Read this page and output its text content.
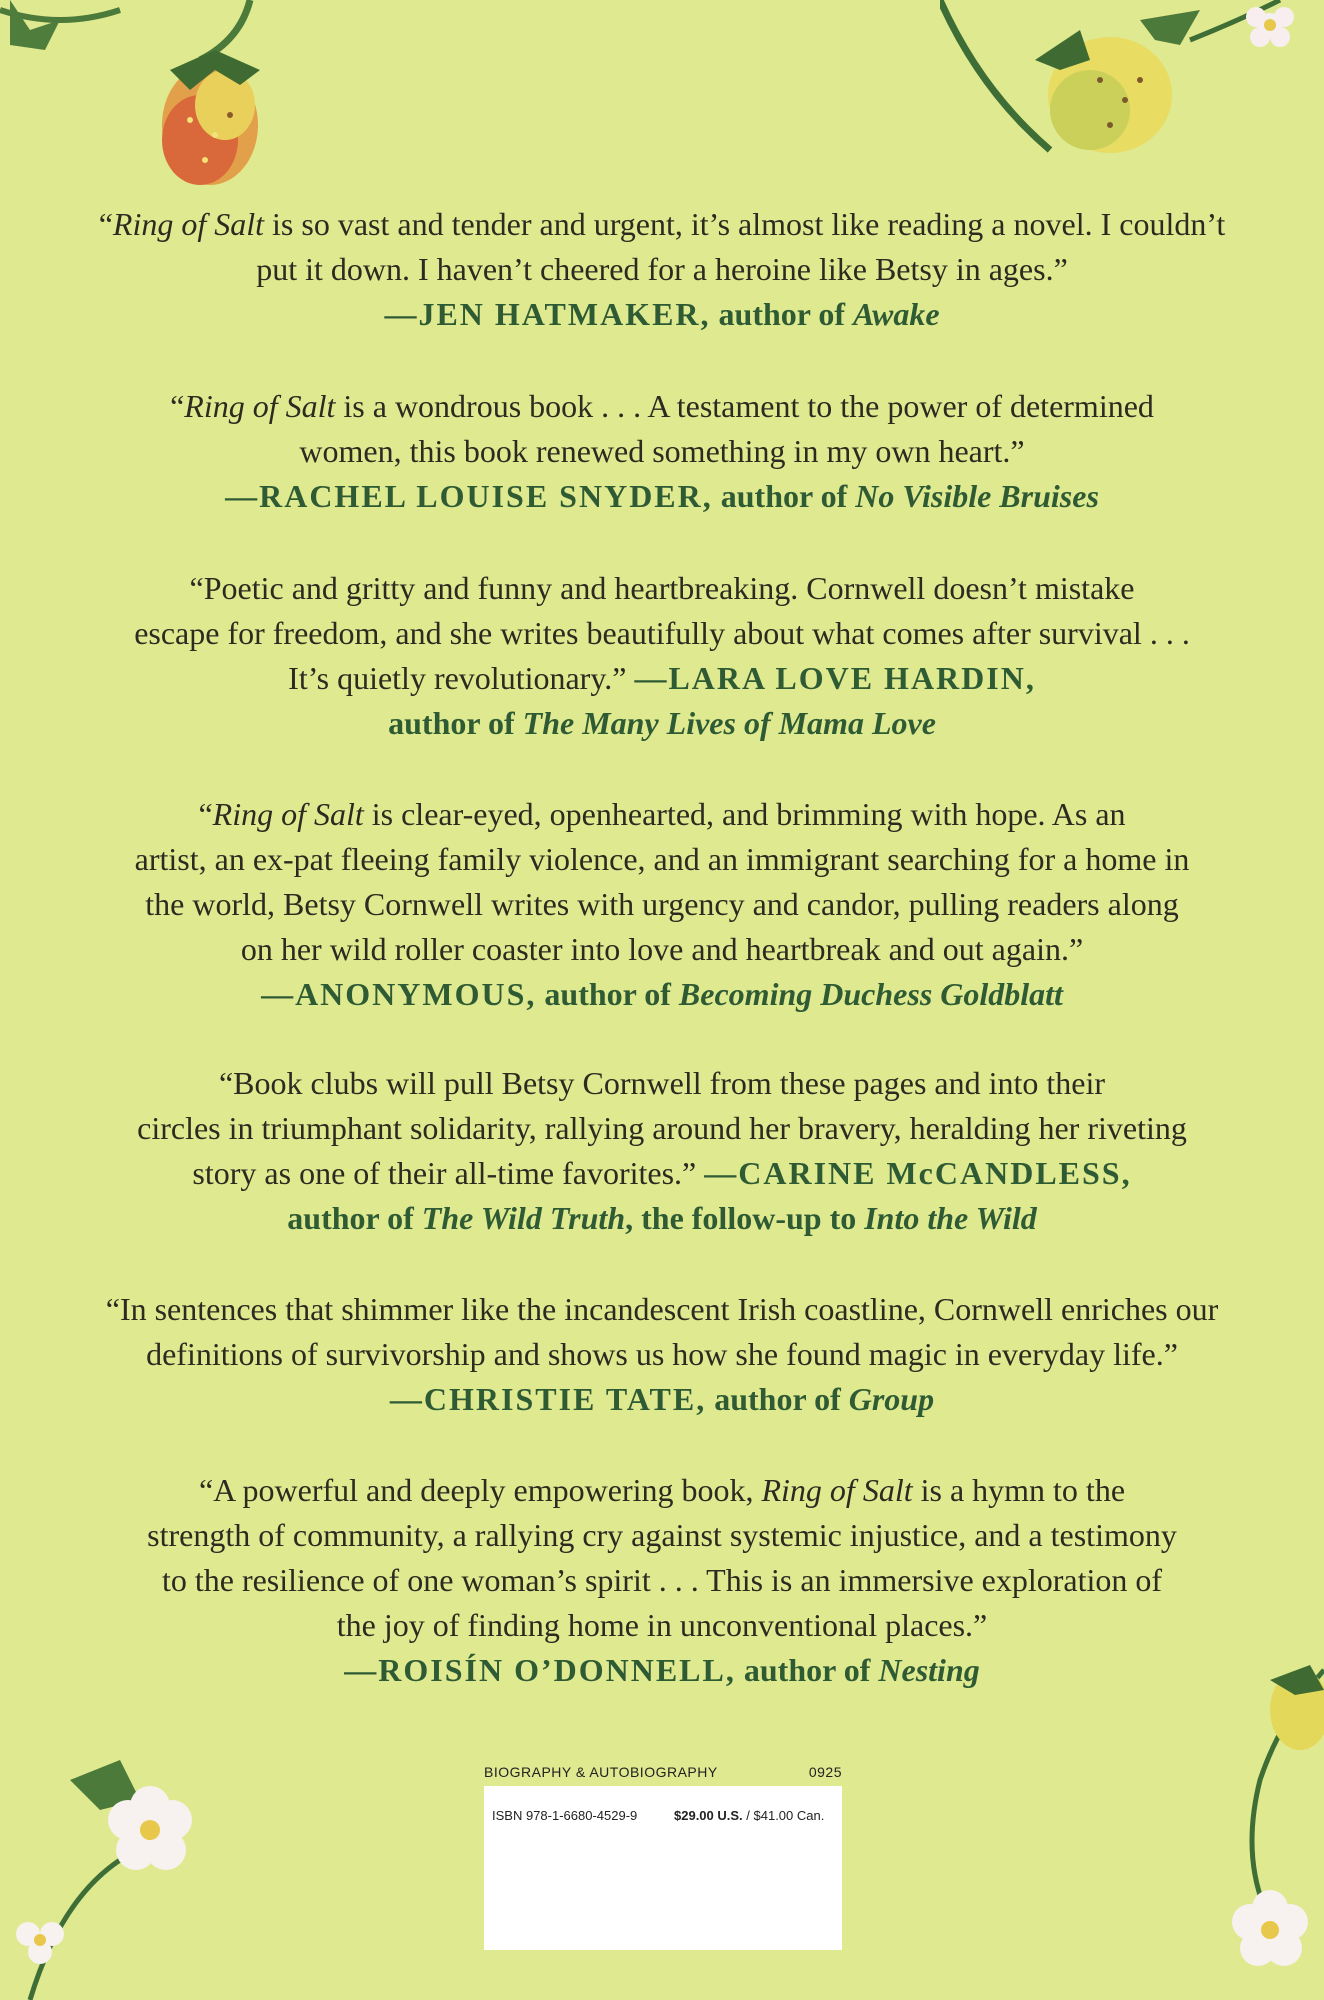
“Ring of Salt is so vast and tender and urgent, it’s almost like reading a novel. I couldn’t
put it down. I haven’t cheered for a heroine like Betsy in ages.”
—JEN HATMAKER, author of Awake
“Ring of Salt is a wondrous book . . . A testament to the power of determined
women, this book renewed something in my own heart.”
—RACHEL LOUISE SNYDER, author of No Visible Bruises
“Poetic and gritty and funny and heartbreaking. Cornwell doesn’t mistake
escape for freedom, and she writes beautifully about what comes after survival . . .
It’s quietly revolutionary.” —LARA LOVE HARDIN,
author of The Many Lives of Mama Love
“Ring of Salt is clear-eyed, openhearted, and brimming with hope. As an
artist, an ex-pat fleeing family violence, and an immigrant searching for a home in
the world, Betsy Cornwell writes with urgency and candor, pulling readers along
on her wild roller coaster into love and heartbreak and out again.”
—ANONYMOUS, author of Becoming Duchess Goldblatt
“Book clubs will pull Betsy Cornwell from these pages and into their
circles in triumphant solidarity, rallying around her bravery, heralding her riveting
story as one of their all-time favorites.” —CARINE McCANDLESS,
author of The Wild Truth, the follow-up to Into the Wild
“In sentences that shimmer like the incandescent Irish coastline, Cornwell enriches our
definitions of survivorship and shows us how she found magic in everyday life.”
—CHRISTIE TATE, author of Group
“A powerful and deeply empowering book, Ring of Salt is a hymn to the
strength of community, a rallying cry against systemic injustice, and a testimony
to the resilience of one woman’s spirit . . . This is an immersive exploration of
the joy of finding home in unconventional places.”
—ROISÍN O’DONNELL, author of Nesting
BIOGRAPHY & AUTOBIOGRAPHY	0925
ISBN 978-1-6680-4529-9	$29.00 U.S. / $41.00 Can.
